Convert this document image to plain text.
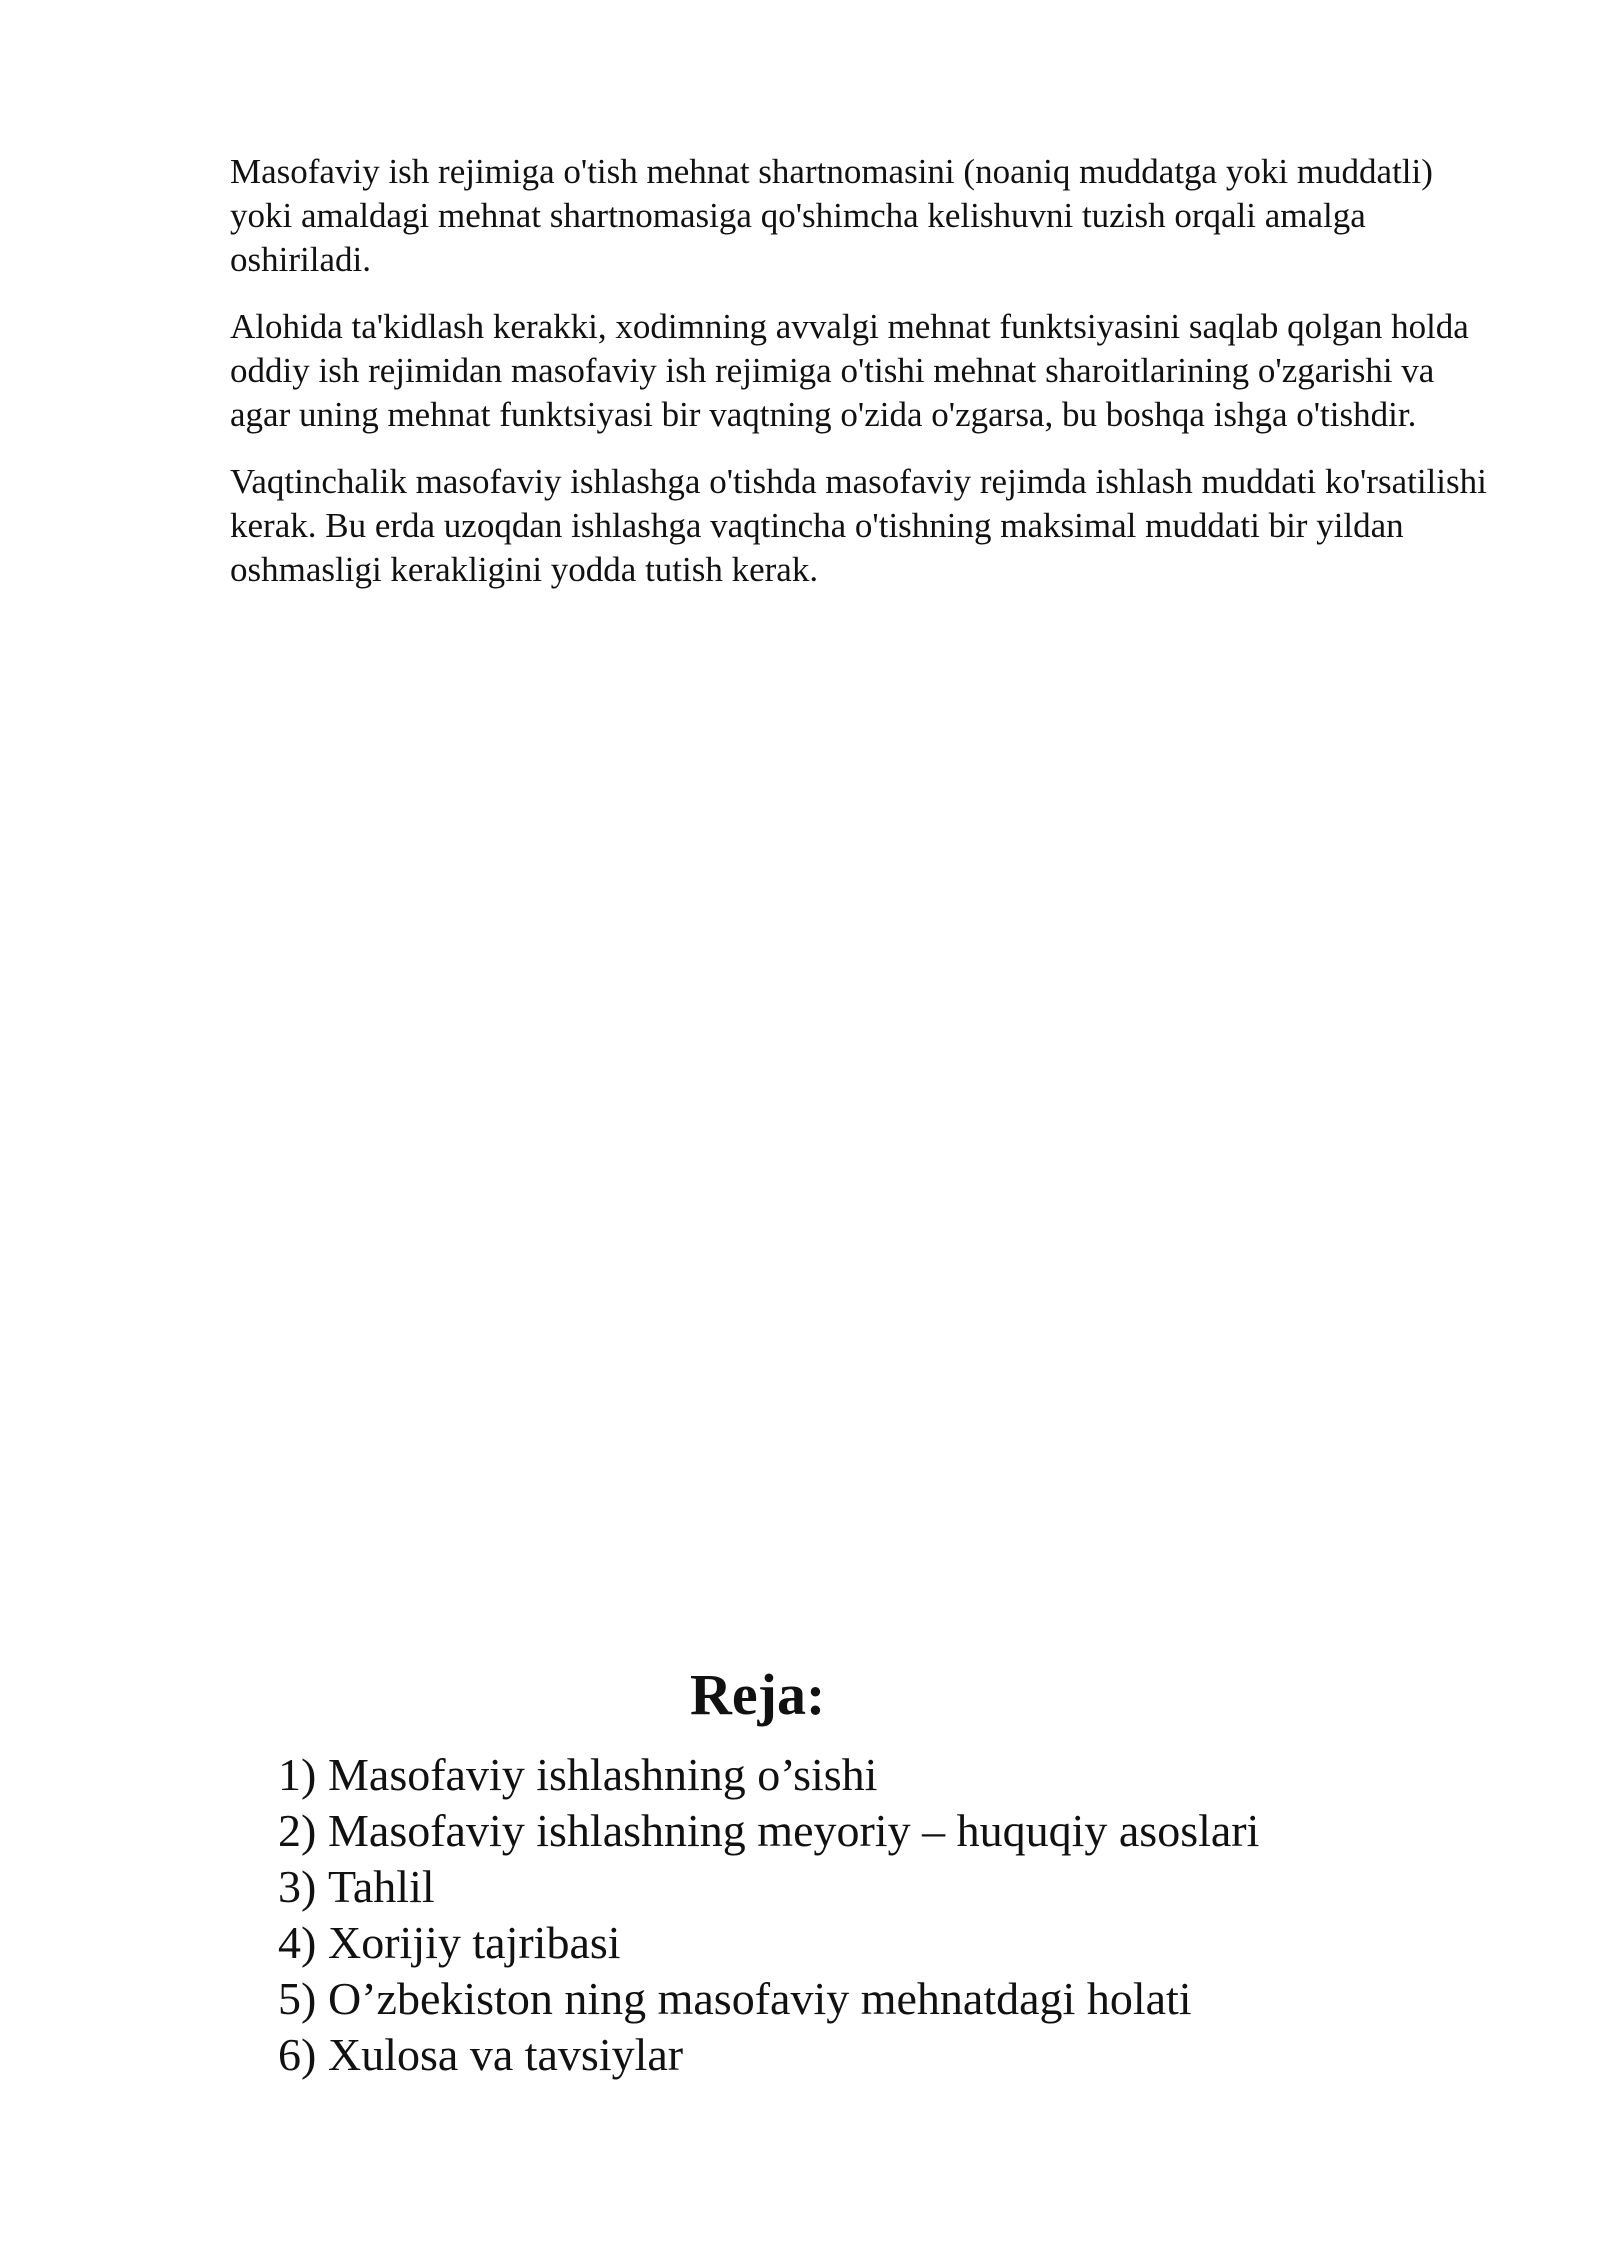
Masofaviy ish rejimiga o'tish mehnat shartnomasini (noaniq muddatga yoki muddatli) yoki amaldagi mehnat shartnomasiga qo'shimcha kelishuvni tuzish orqali amalga oshiriladi.

Alohida ta'kidlash kerakki, xodimning avvalgi mehnat funktsiyasini saqlab qolgan holda oddiy ish rejimidan masofaviy ish rejimiga o'tishi mehnat sharoitlarining o'zgarishi va agar uning mehnat funktsiyasi bir vaqtning o'zida o'zgarsa, bu boshqa ishga o'tishdir.

Vaqtinchalik masofaviy ishlashga o'tishda masofaviy rejimda ishlash muddati ko'rsatilishi kerak. Bu erda uzoqdan ishlashga vaqtincha o'tishning maksimal muddati bir yildan oshmasligi kerakligini yodda tutish kerak.

Reja:
1) Masofaviy ishlashning o’sishi
2) Masofaviy ishlashning meyoriy – huquqiy asoslari
3) Tahlil
4) Xorijiy tajribasi
5) O’zbekiston ning masofaviy mehnatdagi holati
6) Xulosa va tavsiylar
